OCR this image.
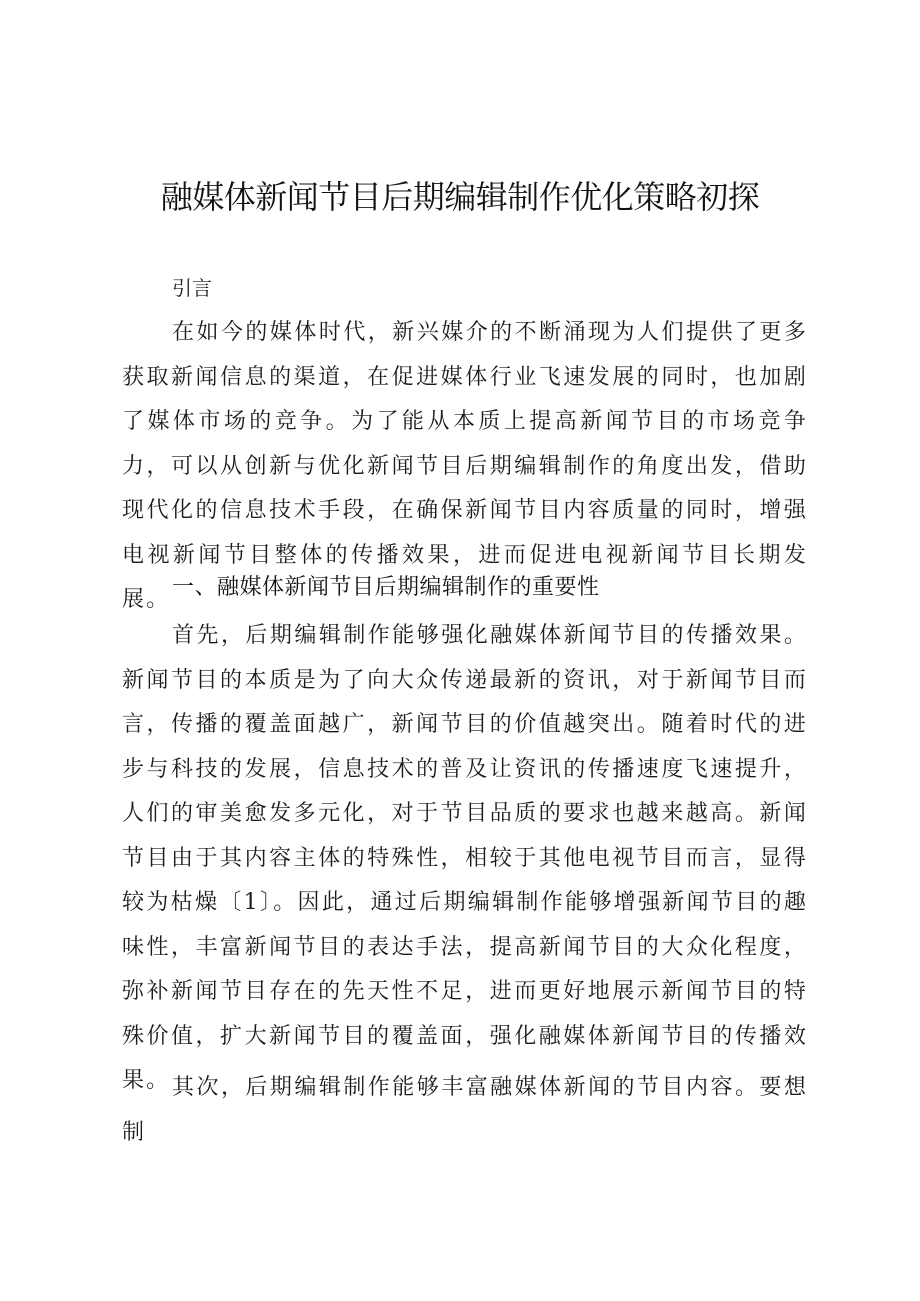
融媒体新闻节目后期编辑制作优化策略初探

引言

在如今的媒体时代，新兴媒介的不断涌现为人们提供了更多获取新闻信息的渠道，在促进媒体行业飞速发展的同时，也加剧了媒体市场的竞争。为了能从本质上提高新闻节目的市场竞争力，可以从创新与优化新闻节目后期编辑制作的角度出发，借助现代化的信息技术手段，在确保新闻节目内容质量的同时，增强电视新闻节目整体的传播效果，进而促进电视新闻节目长期发展。 一、融媒体新闻节目后期编辑制作的重要性

首先，后期编辑制作能够强化融媒体新闻节目的传播效果。新闻节目的本质是为了向大众传递最新的资讯，对于新闻节目而言，传播的覆盖面越广，新闻节目的价值越突出。随着时代的进步与科技的发展，信息技术的普及让资讯的传播速度飞速提升，人们的审美愈发多元化，对于节目品质的要求也越来越高。新闻节目由于其内容主体的特殊性，相较于其他电视节目而言，显得较为枯燥〔1〕。因此，通过后期编辑制作能够增强新闻节目的趣味性，丰富新闻节目的表达手法，提高新闻节目的大众化程度，弥补新闻节目存在的先天性不足，进而更好地展示新闻节目的特殊价值，扩大新闻节目的覆盖面，强化融媒体新闻节目的传播效果。 其次，后期编辑制作能够丰富融媒体新闻的节目内容。要想制
